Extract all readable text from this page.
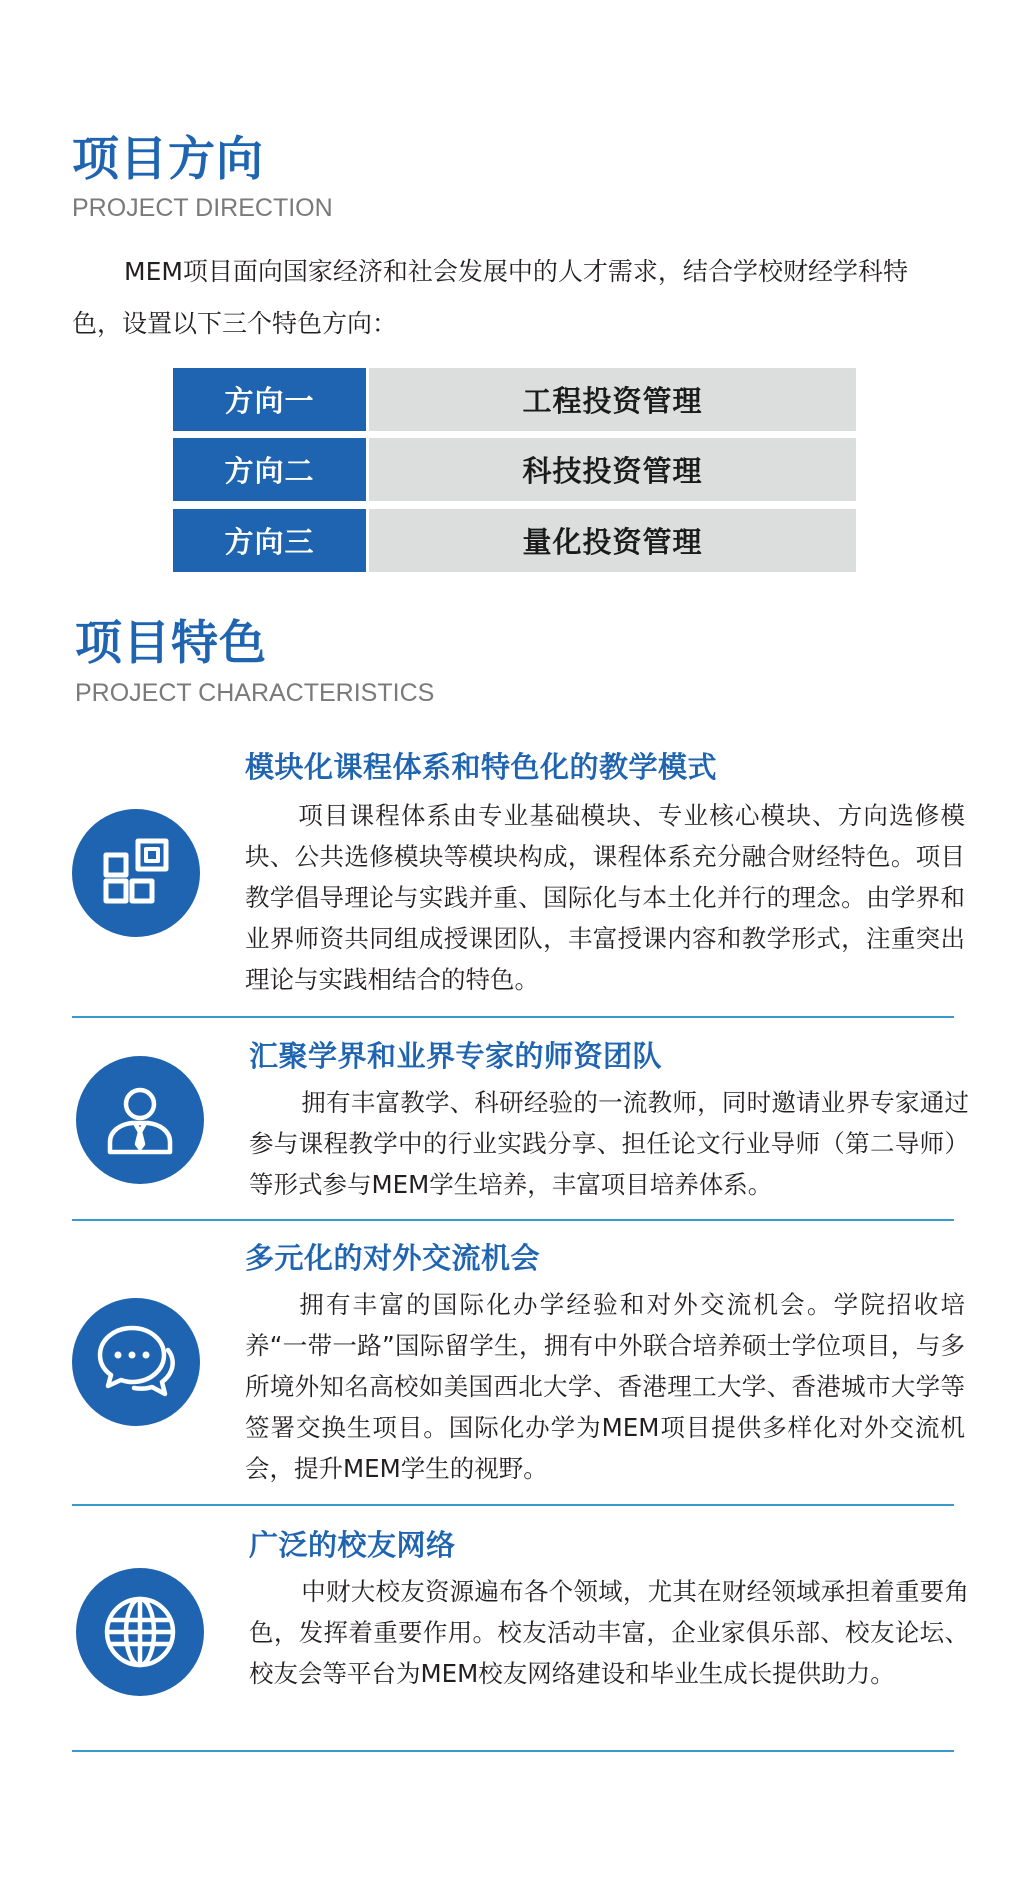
项目方向
PROJECT DIRECTION
MEM项目面向国家经济和社会发展中的人才需求，结合学校财经学科特色，设置以下三个特色方向：
方向一	工程投资管理
方向二	科技投资管理
方向三	量化投资管理
项目特色
PROJECT CHARACTERISTICS
模块化课程体系和特色化的教学模式
项目课程体系由专业基础模块、专业核心模块、方向选修模块、公共选修模块等模块构成，课程体系充分融合财经特色。项目教学倡导理论与实践并重、国际化与本土化并行的理念。由学界和业界师资共同组成授课团队，丰富授课内容和教学形式，注重突出理论与实践相结合的特色。
汇聚学界和业界专家的师资团队
拥有丰富教学、科研经验的一流教师，同时邀请业界专家通过参与课程教学中的行业实践分享、担任论文行业导师（第二导师）等形式参与MEM学生培养，丰富项目培养体系。
多元化的对外交流机会
拥有丰富的国际化办学经验和对外交流机会。学院招收培养“一带一路”国际留学生，拥有中外联合培养硕士学位项目，与多所境外知名高校如美国西北大学、香港理工大学、香港城市大学等签署交换生项目。国际化办学为MEM项目提供多样化对外交流机会，提升MEM学生的视野。
广泛的校友网络
中财大校友资源遍布各个领域，尤其在财经领域承担着重要角色，发挥着重要作用。校友活动丰富，企业家俱乐部、校友论坛、校友会等平台为MEM校友网络建设和毕业生成长提供助力。
